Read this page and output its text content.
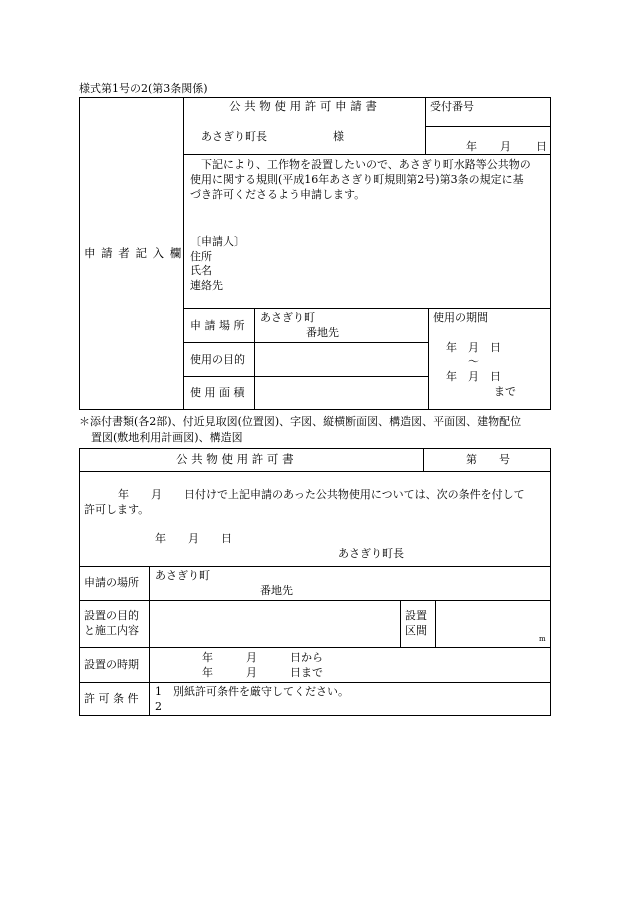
様式第1号の2(第3条関係)
公 共 物 使 用 許 可 申 請 書
あさぎり町長　　　　　　様
受付番号
年 月 日
申 請 者 記 入 欄
　下記により、工作物を設置したいので、あさぎり町水路等公共物の
使用に関する規則(平成16年あさぎり町規則第2号)第3条の規定に基
づき許可くださるよう申請します。
〔申請人〕
住所
氏名
連絡先
申 請 場 所
あさぎり町
番地先
使用の目的
使 用 面 積
使用の期間
年　月　日
～
年　月　日
まで
＊添付書類(各2部)、付近見取図(位置図)、字図、縦横断面図、構造図、平面図、建物配位
置図(敷地利用計画図)、構造図
公 共 物 使 用 許 可 書	第　　号
年　　月　　日付けで上記申請のあった公共物使用については、次の条件を付して
許可します。
年　　月　　日
あさぎり町長
申請の場所
あさぎり町
番地先
設置の目的
と施工内容
設置
区間
m
設置の時期
年　　　月　　　日から
年　　　月　　　日まで
許 可 条 件
1　別紙許可条件を厳守してください。
2
